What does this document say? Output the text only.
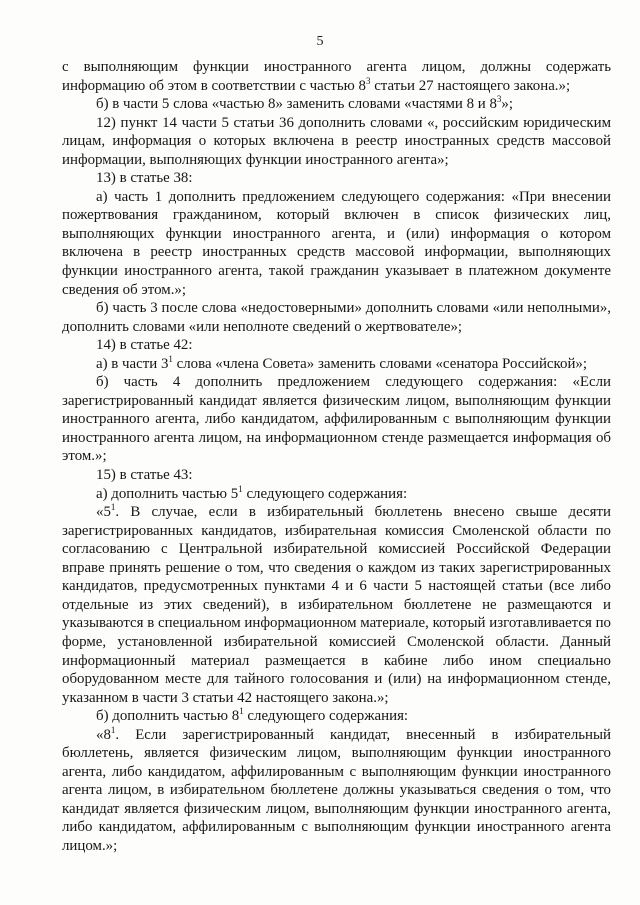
5

с выполняющим функции иностранного агента лицом, должны содержать информацию об этом в соответствии с частью $8^3$ статьи 27 настоящего закона.»;

б) в части 5 слова «частью 8» заменить словами «частями 8 и $8^3$»;

12) пункт 14 части 5 статьи 36 дополнить словами «, российским юридическим лицам, информация о которых включена в реестр иностранных средств массовой информации, выполняющих функции иностранного агента»;

13) в статье 38:

а) часть 1 дополнить предложением следующего содержания: «При внесении пожертвования гражданином, который включен в список физических лиц, выполняющих функции иностранного агента, и (или) информация о котором включена в реестр иностранных средств массовой информации, выполняющих функции иностранного агента, такой гражданин указывает в платежном документе сведения об этом.»;

б) часть 3 после слова «недостоверными» дополнить словами «или неполными», дополнить словами «или неполноте сведений о жертвователе»;

14) в статье 42:

а) в части $3^1$ слова «члена Совета» заменить словами «сенатора Российской»;

б) часть 4 дополнить предложением следующего содержания: «Если зарегистрированный кандидат является физическим лицом, выполняющим функции иностранного агента, либо кандидатом, аффилированным с выполняющим функции иностранного агента лицом, на информационном стенде размещается информация об этом.»;

15) в статье 43:

а) дополнить частью $5^1$ следующего содержания:

«$5^1$. В случае, если в избирательный бюллетень внесено свыше десяти зарегистрированных кандидатов, избирательная комиссия Смоленской области по согласованию с Центральной избирательной комиссией Российской Федерации вправе принять решение о том, что сведения о каждом из таких зарегистрированных кандидатов, предусмотренных пунктами 4 и 6 части 5 настоящей статьи (все либо отдельные из этих сведений), в избирательном бюллетене не размещаются и указываются в специальном информационном материале, который изготавливается по форме, установленной избирательной комиссией Смоленской области. Данный информационный материал размещается в кабине либо ином специально оборудованном месте для тайного голосования и (или) на информационном стенде, указанном в части 3 статьи 42 настоящего закона.»;

б) дополнить частью $8^1$ следующего содержания:

«$8^1$. Если зарегистрированный кандидат, внесенный в избирательный бюллетень, является физическим лицом, выполняющим функции иностранного агента, либо кандидатом, аффилированным с выполняющим функции иностранного агента лицом, в избирательном бюллетене должны указываться сведения о том, что кандидат является физическим лицом, выполняющим функции иностранного агента, либо кандидатом, аффилированным с выполняющим функции иностранного агента лицом.»;
